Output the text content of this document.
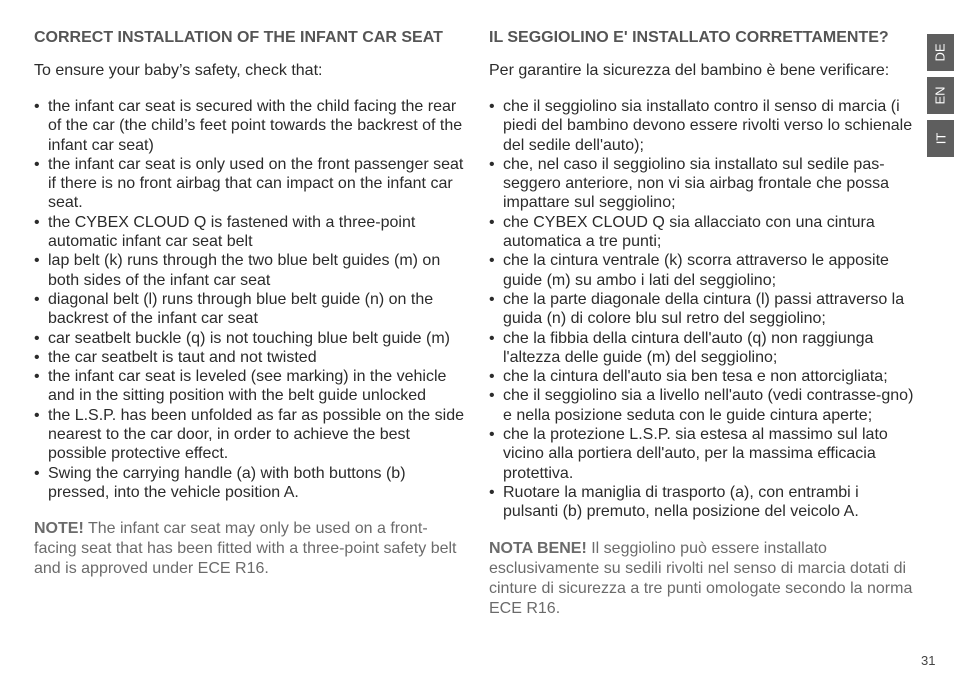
CORRECT INSTALLATION OF THE INFANT CAR SEAT
To ensure your baby’s safety, check that:
• the infant car seat is secured with the child facing the rear of the car (the child’s feet point towards the backrest of the infant car seat)
• the infant car seat is only used on the front passenger seat if there is no front airbag that can impact on the infant car seat.
• the CYBEX CLOUD Q is fastened with a three-point automatic infant car seat belt
• lap belt (k) runs through the two blue belt guides (m) on both sides of the infant car seat
• diagonal belt (l) runs through blue belt guide (n) on the backrest of the infant car seat
• car seatbelt buckle (q) is not touching blue belt guide (m)
• the car seatbelt is taut and not twisted
• the infant car seat is leveled (see marking) in the vehicle and in the sitting position with the belt guide unlocked
• the L.S.P. has been unfolded as far as possible on the side nearest to the car door, in order to achieve the best possible protective effect.
• Swing the carrying handle (a) with both buttons (b) pressed, into the vehicle position A.
NOTE! The infant car seat may only be used on a front-facing seat that has been fitted with a three-point safety belt and is approved under ECE R16.
IL SEGGIOLINO E' INSTALLATO CORRETTAMENTE?
Per garantire la sicurezza del bambino è bene verificare:
• che il seggiolino sia installato contro il senso di marcia (i piedi del bambino devono essere rivolti verso lo schienale del sedile dell'auto);
• che, nel caso il seggiolino sia installato sul sedile pas-seggero anteriore, non vi sia airbag frontale che possa impattare sul seggiolino;
• che CYBEX CLOUD Q sia allacciato con una cintura automatica a tre punti;
• che la cintura ventrale (k) scorra attraverso le apposite guide (m) su ambo i lati del seggiolino;
• che la parte diagonale della cintura (l) passi attraverso la guida (n) di colore blu sul retro del seggiolino;
• che la fibbia della cintura dell'auto (q) non raggiunga l'altezza delle guide (m) del seggiolino;
• che la cintura dell'auto sia ben tesa e non attorcigliata;
• che il seggiolino sia a livello nell'auto (vedi contrasse-gno) e nella posizione seduta con le guide cintura aperte;
• che la protezione L.S.P. sia estesa al massimo sul lato vicino alla portiera dell'auto, per la massima efficacia protettiva.
• Ruotare la maniglia di trasporto (a), con entrambi i pulsanti (b) premuto, nella posizione del veicolo A.
NOTA BENE! Il seggiolino può essere installato esclusivamente su sedili rivolti nel senso di marcia dotati di cinture di sicurezza a tre punti omologate secondo la norma ECE R16.
DE
EN
IT
31
